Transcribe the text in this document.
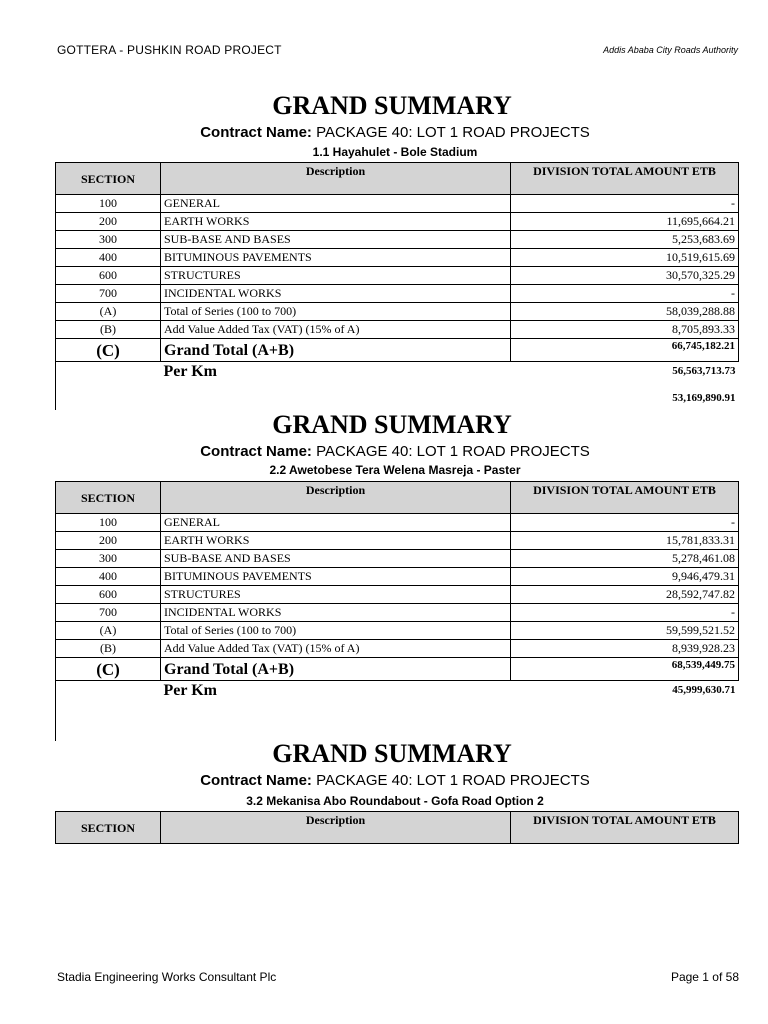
GOTTERA - PUSHKIN ROAD PROJECT	Addis Ababa City Roads Authority
GRAND SUMMARY
Contract Name: PACKAGE 40: LOT 1 ROAD PROJECTS
1.1 Hayahulet - Bole Stadium
SECTION	Description	DIVISION TOTAL AMOUNT ETB
100	GENERAL	-
200	EARTH WORKS	11,695,664.21
300	SUB-BASE AND BASES	5,253,683.69
400	BITUMINOUS PAVEMENTS	10,519,615.69
600	STRUCTURES	30,570,325.29
700	INCIDENTAL WORKS	-
(A)	Total of Series (100 to 700)	58,039,288.88
(B)	Add Value Added Tax (VAT) (15% of A)	8,705,893.33
(C)	Grand Total (A+B)	66,745,182.21
	Per Km	56,563,713.73
		53,169,890.91
GRAND SUMMARY
Contract Name: PACKAGE 40: LOT 1 ROAD PROJECTS
2.2 Awetobese Tera Welena Masreja - Paster
SECTION	Description	DIVISION TOTAL AMOUNT ETB
100	GENERAL	-
200	EARTH WORKS	15,781,833.31
300	SUB-BASE AND BASES	5,278,461.08
400	BITUMINOUS PAVEMENTS	9,946,479.31
600	STRUCTURES	28,592,747.82
700	INCIDENTAL WORKS	-
(A)	Total of Series (100 to 700)	59,599,521.52
(B)	Add Value Added Tax (VAT) (15% of A)	8,939,928.23
(C)	Grand Total (A+B)	68,539,449.75
	Per Km	45,999,630.71

GRAND SUMMARY
Contract Name: PACKAGE 40: LOT 1 ROAD PROJECTS
3.2 Mekanisa Abo Roundabout - Gofa Road Option 2
SECTION	Description	DIVISION TOTAL AMOUNT ETB
Stadia Engineering Works Consultant Plc	Page 1 of 58
